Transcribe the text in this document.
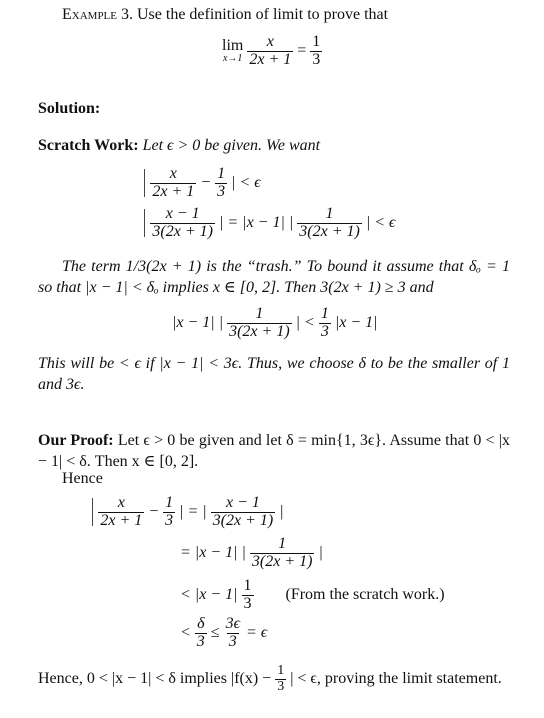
Example 3. Use the definition of limit to prove that
lim
x→1
$\frac{x}{2x + 1} = \frac{1}{3}$
Solution:
Scratch Work: Let ϵ > 0 be given. We want
| $\frac{x}{2x + 1} - \frac{1}{3}$ | < ϵ
| $\frac{x - 1}{3(2x + 1)}$ | = |x − 1| | $\frac{1}{3(2x + 1)}$ | < ϵ
The term 1/3(2x + 1) is the “trash.” To bound it assume that δₒ = 1 so that |x − 1| < δₒ implies x ∈ [0, 2]. Then 3(2x + 1) ≥ 3 and
|x − 1| | $\frac{1}{3(2x + 1)}$ | < $\frac{1}{3} |x - 1|$
This will be < ϵ if |x − 1| < 3ϵ. Thus, we choose δ to be the smaller of 1 and 3ϵ.
Our Proof: Let ϵ > 0 be given and let δ = min{1, 3ϵ}. Assume that 0 < |x − 1| < δ. Then x ∈ [0, 2].
Hence
| $\frac{x}{2x + 1} - \frac{1}{3}$ | = | $\frac{x - 1}{3(2x + 1)}$ |
= |x − 1| | $\frac{1}{3(2x + 1)}$ |
< $|x - 1| \frac{1}{3}$ (From the scratch work.)
< $\frac{\delta}{3} \le \frac{3\epsilon}{3} = \epsilon$
Hence, 0 < |x − 1| < δ implies $|f(x) - \frac{1}{3}$ | < ϵ, proving the limit statement.
